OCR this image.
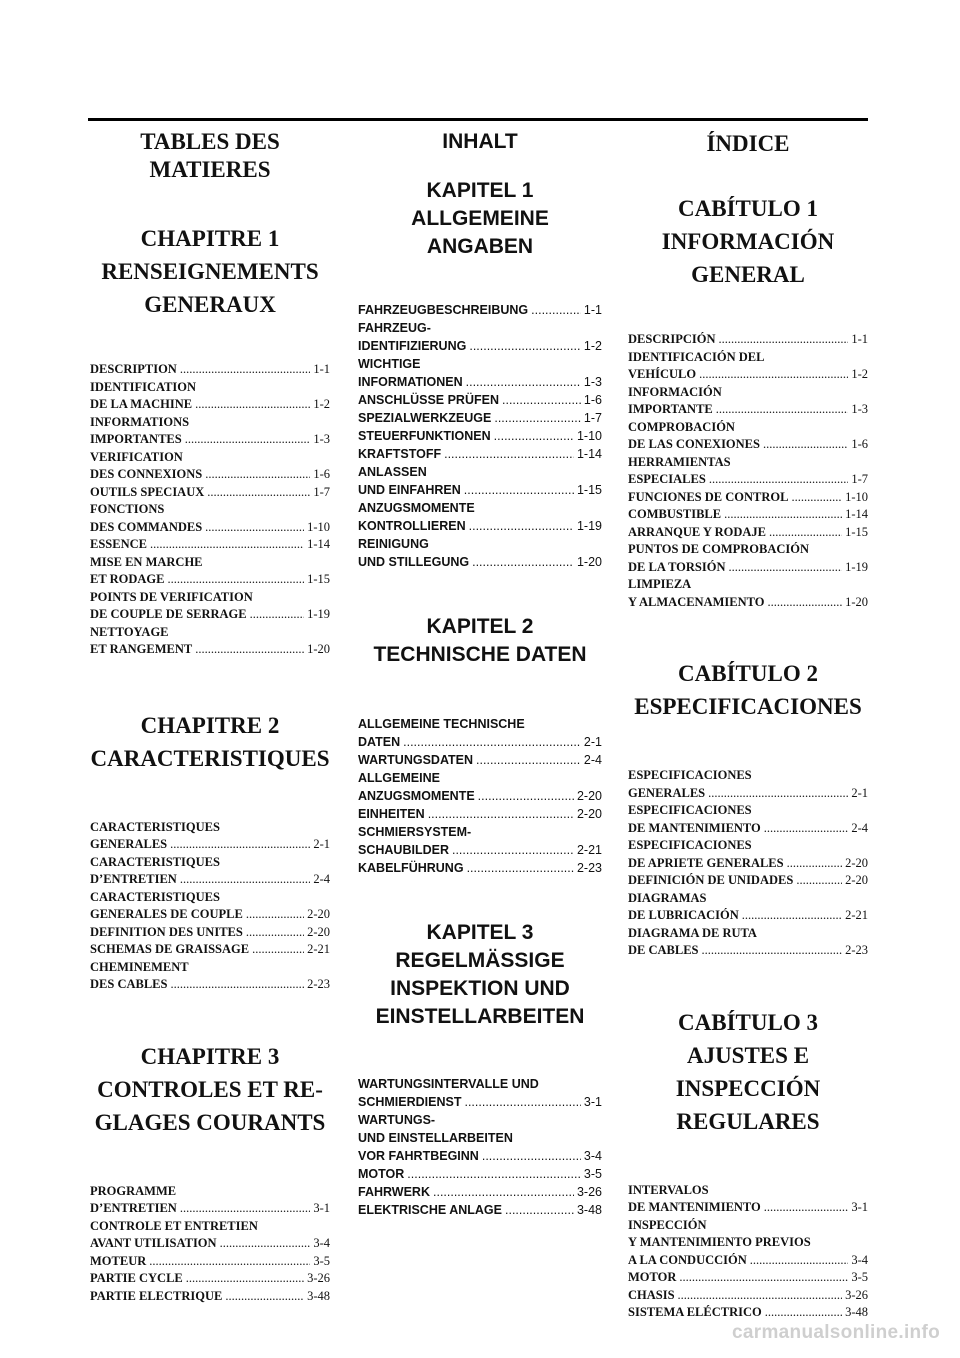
TABLES DES
MATIERES
CHAPITRE 1
RENSEIGNEMENTS
GENERAUX
DESCRIPTION .....	1-1
IDENTIFICATION
DE LA MACHINE .....	1-2
INFORMATIONS
IMPORTANTES .....	1-3
VERIFICATION
DES CONNEXIONS .....	1-6
OUTILS SPECIAUX .....	1-7
FONCTIONS
DES COMMANDES .....	1-10
ESSENCE .....	1-14
MISE EN MARCHE
ET RODAGE .....	1-15
POINTS DE VERIFICATION
DE COUPLE DE SERRAGE .....	1-19
NETTOYAGE
ET RANGEMENT .....	1-20
CHAPITRE 2
CARACTERISTIQUES
CARACTERISTIQUES
GENERALES .....	2-1
CARACTERISTIQUES
D’ENTRETIEN .....	2-4
CARACTERISTIQUES
GENERALES DE COUPLE .....	2-20
DEFINITION DES UNITES .....	2-20
SCHEMAS DE GRAISSAGE .....	2-21
CHEMINEMENT
DES CABLES .....	2-23
CHAPITRE 3
CONTROLES ET RE-
GLAGES COURANTS
PROGRAMME
D’ENTRETIEN .....	3-1
CONTROLE ET ENTRETIEN
AVANT UTILISATION .....	3-4
MOTEUR .....	3-5
PARTIE CYCLE .....	3-26
PARTIE ELECTRIQUE .....	3-48
INHALT
KAPITEL 1
ALLGEMEINE
ANGABEN
FAHRZEUGBESCHREIBUNG .....	1-1
FAHRZEUG-
IDENTIFIZIERUNG .....	1-2
WICHTIGE
INFORMATIONEN .....	1-3
ANSCHLÜSSE PRÜFEN .....	1-6
SPEZIALWERKZEUGE .....	1-7
STEUERFUNKTIONEN .....	1-10
KRAFTSTOFF .....	1-14
ANLASSEN
UND EINFAHREN .....	1-15
ANZUGSMOMENTE
KONTROLLIEREN .....	1-19
REINIGUNG
UND STILLEGUNG .....	1-20
KAPITEL 2
TECHNISCHE DATEN
ALLGEMEINE TECHNISCHE
DATEN .....	2-1
WARTUNGSDATEN .....	2-4
ALLGEMEINE
ANZUGSMOMENTE .....	2-20
EINHEITEN .....	2-20
SCHMIERSYSTEM-
SCHAUBILDER .....	2-21
KABELFÜHRUNG .....	2-23
KAPITEL 3
REGELMÄSSIGE
INSPEKTION UND
EINSTELLARBEITEN
WARTUNGSINTERVALLE UND
SCHMIERDIENST .....	3-1
WARTUNGS-
UND EINSTELLARBEITEN
VOR FAHRTBEGINN .....	3-4
MOTOR .....	3-5
FAHRWERK .....	3-26
ELEKTRISCHE ANLAGE .....	3-48
ÍNDICE
CABÍTULO 1
INFORMACIÓN
GENERAL
DESCRIPCIÓN .....	1-1
IDENTIFICACIÓN DEL
VEHÍCULO .....	1-2
INFORMACIÓN
IMPORTANTE .....	1-3
COMPROBACIÓN
DE LAS CONEXIONES .....	1-6
HERRAMIENTAS
ESPECIALES .....	1-7
FUNCIONES DE CONTROL .....	1-10
COMBUSTIBLE .....	1-14
ARRANQUE Y RODAJE .....	1-15
PUNTOS DE COMPROBACIÓN
DE LA TORSIÓN .....	1-19
LIMPIEZA
Y ALMACENAMIENTO .....	1-20
CABÍTULO 2
ESPECIFICACIONES
ESPECIFICACIONES
GENERALES .....	2-1
ESPECIFICACIONES
DE MANTENIMIENTO .....	2-4
ESPECIFICACIONES
DE APRIETE GENERALES .....	2-20
DEFINICIÓN DE UNIDADES .....	2-20
DIAGRAMAS
DE LUBRICACIÓN .....	2-21
DIAGRAMA DE RUTA
DE CABLES .....	2-23
CABÍTULO 3
AJUSTES E
INSPECCIÓN
REGULARES
INTERVALOS
DE MANTENIMIENTO .....	3-1
INSPECCIÓN
Y MANTENIMIENTO PREVIOS
A LA CONDUCCIÓN .....	3-4
MOTOR .....	3-5
CHASIS .....	3-26
SISTEMA ELÉCTRICO .....	3-48
carmanualsonline.info
